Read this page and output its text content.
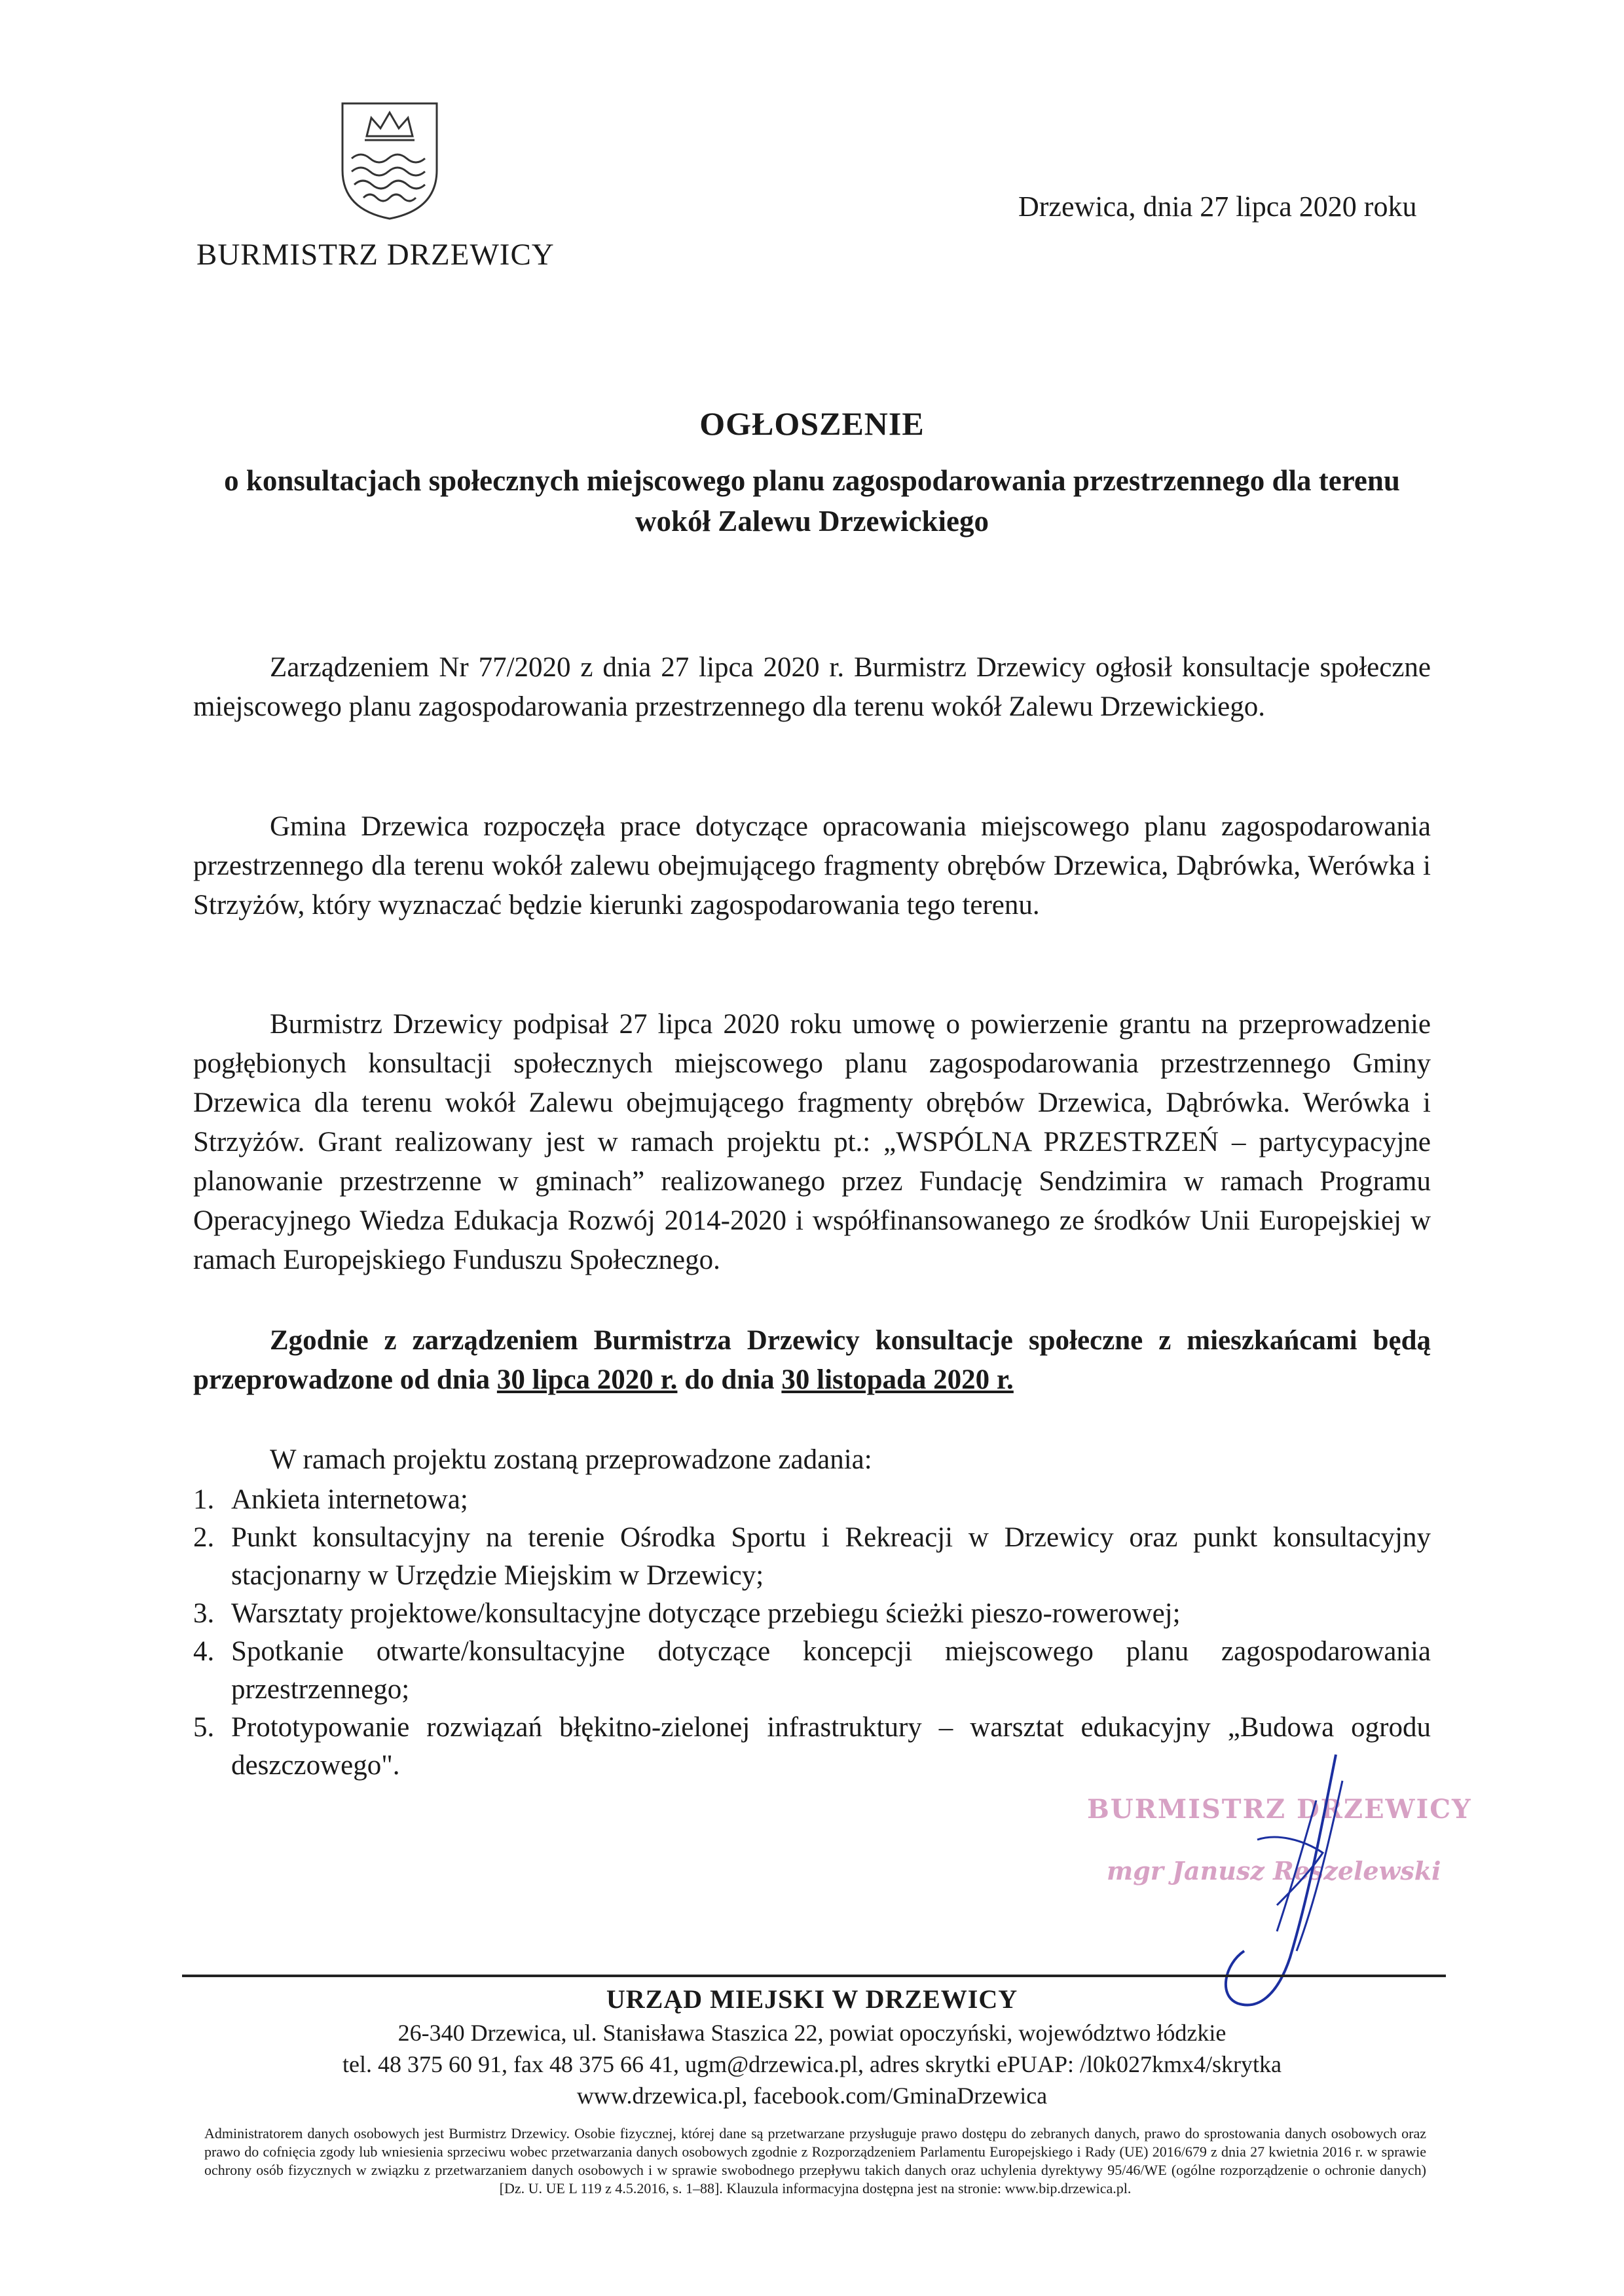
BURMISTRZ DRZEWICY
Drzewica, dnia 27 lipca 2020 roku
OGŁOSZENIE
o konsultacjach społecznych miejscowego planu zagospodarowania przestrzennego dla terenu wokół Zalewu Drzewickiego

Zarządzeniem Nr 77/2020 z dnia 27 lipca 2020 r. Burmistrz Drzewicy ogłosił konsultacje społeczne miejscowego planu zagospodarowania przestrzennego dla terenu wokół Zalewu Drzewickiego.

Gmina Drzewica rozpoczęła prace dotyczące opracowania miejscowego planu zagospodarowania przestrzennego dla terenu wokół zalewu obejmującego fragmenty obrębów Drzewica, Dąbrówka, Werówka i Strzyżów, który wyznaczać będzie kierunki zagospodarowania tego terenu.

Burmistrz Drzewicy podpisał 27 lipca 2020 roku umowę o powierzenie grantu na przeprowadzenie pogłębionych konsultacji społecznych miejscowego planu zagospodarowania przestrzennego Gminy Drzewica dla terenu wokół Zalewu obejmującego fragmenty obrębów Drzewica, Dąbrówka. Werówka i Strzyżów. Grant realizowany jest w ramach projektu pt.: „WSPÓLNA PRZESTRZEŃ – partycypacyjne planowanie przestrzenne w gminach” realizowanego przez Fundację Sendzimira w ramach Programu Operacyjnego Wiedza Edukacja Rozwój 2014-2020 i współfinansowanego ze środków Unii Europejskiej w ramach Europejskiego Funduszu Społecznego.

Zgodnie z zarządzeniem Burmistrza Drzewicy konsultacje społeczne z mieszkańcami będą przeprowadzone od dnia 30 lipca 2020 r. do dnia 30 listopada 2020 r.

W ramach projektu zostaną przeprowadzone zadania:
1. Ankieta internetowa;
2. Punkt konsultacyjny na terenie Ośrodka Sportu i Rekreacji w Drzewicy oraz punkt konsultacyjny stacjonarny w Urzędzie Miejskim w Drzewicy;
3. Warsztaty projektowe/konsultacyjne dotyczące przebiegu ścieżki pieszo-rowerowej;
4. Spotkanie otwarte/konsultacyjne dotyczące koncepcji miejscowego planu zagospodarowania przestrzennego;
5. Prototypowanie rozwiązań błękitno-zielonej infrastruktury – warsztat edukacyjny „Budowa ogrodu deszczowego".
BURMISTRZ DRZEWICY
mgr Janusz Reszelewski
URZĄD MIEJSKI W DRZEWICY
26-340 Drzewica, ul. Stanisława Staszica 22, powiat opoczyński, województwo łódzkie
tel. 48 375 60 91, fax 48 375 66 41, ugm@drzewica.pl, adres skrytki ePUAP: /l0k027kmx4/skrytka
www.drzewica.pl, facebook.com/GminaDrzewica

Administratorem danych osobowych jest Burmistrz Drzewicy. Osobie fizycznej, której dane są przetwarzane przysługuje prawo dostępu do zebranych danych, prawo do sprostowania danych osobowych oraz prawo do cofnięcia zgody lub wniesienia sprzeciwu wobec przetwarzania danych osobowych zgodnie z Rozporządzeniem Parlamentu Europejskiego i Rady (UE) 2016/679 z dnia 27 kwietnia 2016 r. w sprawie ochrony osób fizycznych w związku z przetwarzaniem danych osobowych i w sprawie swobodnego przepływu takich danych oraz uchylenia dyrektywy 95/46/WE (ogólne rozporządzenie o ochronie danych) [Dz. U. UE L 119 z 4.5.2016, s. 1–88]. Klauzula informacyjna dostępna jest na stronie: www.bip.drzewica.pl.
